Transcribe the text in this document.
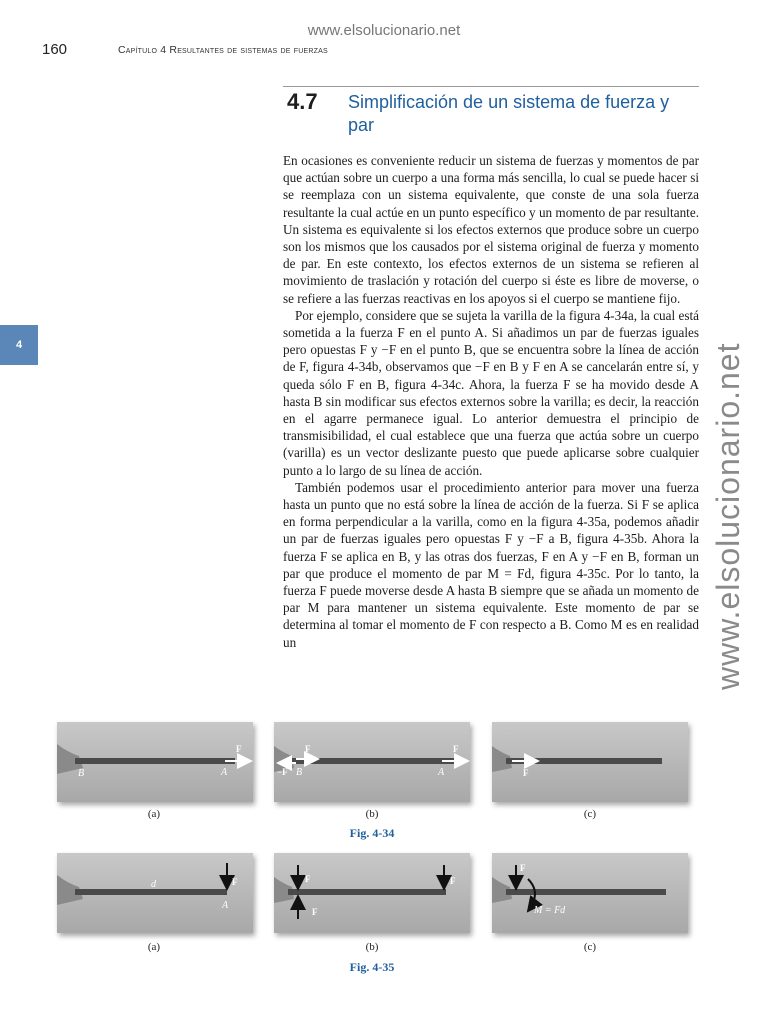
www.elsolucionario.net
160	Capítulo 4 Resultantes de sistemas de fuerzas
4	www.elsolucionario.net
4.7 Simplificación de un sistema de fuerza y par

En ocasiones es conveniente reducir un sistema de fuerzas y momentos de par que actúan sobre un cuerpo a una forma más sencilla, lo cual se puede hacer si se reemplaza con un sistema equivalente, que conste de una sola fuerza resultante la cual actúe en un punto específico y un momento de par resultante. Un sistema es equivalente si los efectos externos que produce sobre un cuerpo son los mismos que los causados por el sistema original de fuerza y momento de par. En este contexto, los efectos externos de un sistema se refieren al movimiento de traslación y rotación del cuerpo si éste es libre de moverse, o se refiere a las fuerzas reactivas en los apoyos si el cuerpo se mantiene fijo.

Por ejemplo, considere que se sujeta la varilla de la figura 4-34a, la cual está sometida a la fuerza F en el punto A. Si añadimos un par de fuerzas iguales pero opuestas F y −F en el punto B, que se encuentra sobre la línea de acción de F, figura 4-34b, observamos que −F en B y F en A se cancelarán entre sí, y queda sólo F en B, figura 4-34c. Ahora, la fuerza F se ha movido desde A hasta B sin modificar sus efectos externos sobre la varilla; es decir, la reacción en el agarre permanece igual. Lo anterior demuestra el principio de transmisibilidad, el cual establece que una fuerza que actúa sobre un cuerpo (varilla) es un vector deslizante puesto que puede aplicarse sobre cualquier punto a lo largo de su línea de acción.

También podemos usar el procedimiento anterior para mover una fuerza hasta un punto que no está sobre la línea de acción de la fuerza. Si F se aplica en forma perpendicular a la varilla, como en la figura 4-35a, podemos añadir un par de fuerzas iguales pero opuestas F y −F a B, figura 4-35b. Ahora la fuerza F se aplica en B, y las otras dos fuerzas, F en A y −F en B, forman un par que produce el momento de par M = Fd, figura 4-35c. Por lo tanto, la fuerza F puede moverse desde A hasta B siempre que se añada un momento de par M para mantener un sistema equivalente. Este momento de par se determina al tomar el momento de F con respecto a B. Como M es en realidad un

F
A
B
(a)
F
F
−F B	A
(b)
F
(c)
Fig. 4-34
F
d
A
(a)
F
F
F
(b)
F
M = Fd
(c)
Fig. 4-35
